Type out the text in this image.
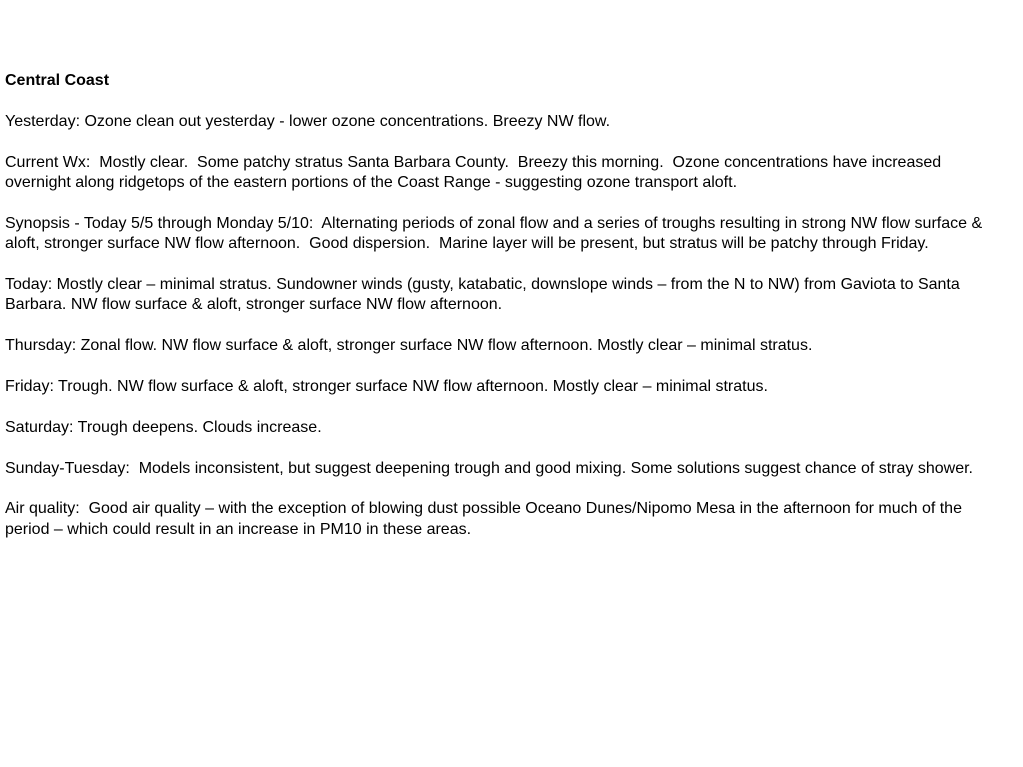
Central Coast
Yesterday: Ozone clean out yesterday - lower ozone concentrations. Breezy NW flow.
Current Wx:  Mostly clear.  Some patchy stratus Santa Barbara County.  Breezy this morning.  Ozone concentrations have increased overnight along ridgetops of the eastern portions of the Coast Range - suggesting ozone transport aloft.
Synopsis - Today 5/5 through Monday 5/10:  Alternating periods of zonal flow and a series of troughs resulting in strong NW flow surface & aloft, stronger surface NW flow afternoon.  Good dispersion.  Marine layer will be present, but stratus will be patchy through Friday.
Today: Mostly clear – minimal stratus. Sundowner winds (gusty, katabatic, downslope winds – from the N to NW) from Gaviota to Santa Barbara. NW flow surface & aloft, stronger surface NW flow afternoon.
Thursday: Zonal flow. NW flow surface & aloft, stronger surface NW flow afternoon. Mostly clear – minimal stratus.
Friday: Trough. NW flow surface & aloft, stronger surface NW flow afternoon. Mostly clear – minimal stratus.
Saturday: Trough deepens. Clouds increase.
Sunday-Tuesday:  Models inconsistent, but suggest deepening trough and good mixing. Some solutions suggest chance of stray shower.
Air quality:  Good air quality – with the exception of blowing dust possible Oceano Dunes/Nipomo Mesa in the afternoon for much of the period – which could result in an increase in PM10 in these areas.
